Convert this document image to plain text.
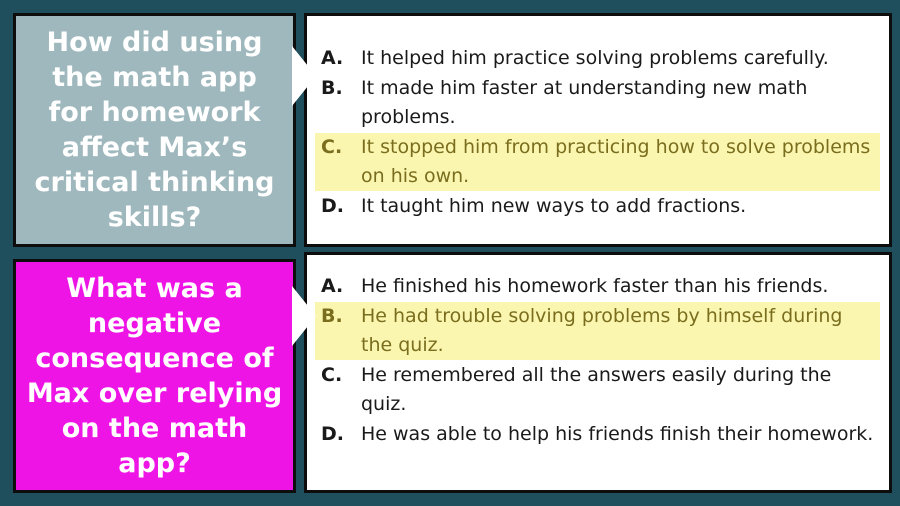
How did using the math app for homework affect Max’s critical thinking skills?
A. It helped him practice solving problems carefully.
B. It made him faster at understanding new math problems.
C. It stopped him from practicing how to solve problems on his own.
D. It taught him new ways to add fractions.
What was a negative consequence of Max over relying on the math app?
A. He finished his homework faster than his friends.
B. He had trouble solving problems by himself during the quiz.
C. He remembered all the answers easily during the quiz.
D. He was able to help his friends finish their homework.
